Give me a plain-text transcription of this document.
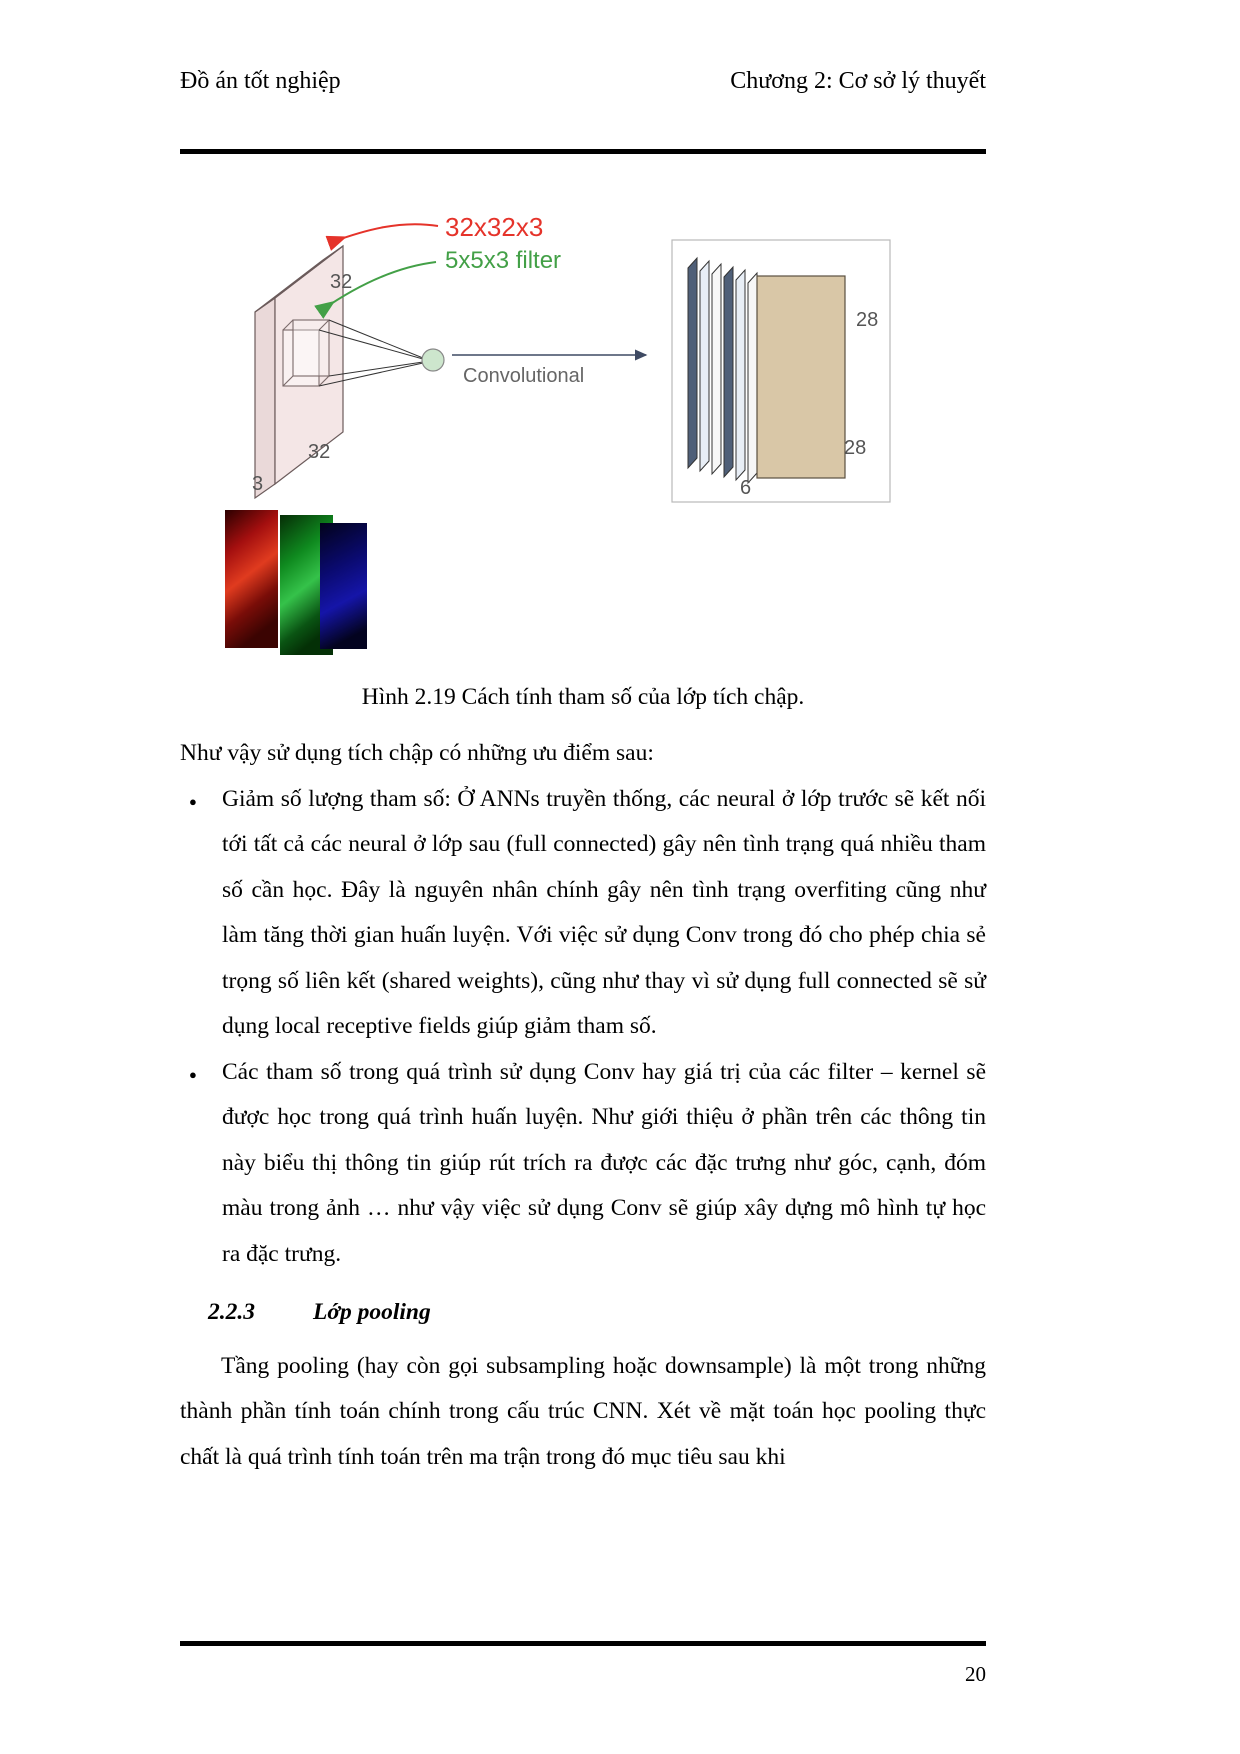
Đồ án tốt nghiệp	Chương 2: Cơ sở lý thuyết
32x32x3
5x5x3 filter
32
32
3
Convolutional
28
28
6
Hình 2.19 Cách tính tham số của lớp tích chập.

Như vậy sử dụng tích chập có những ưu điểm sau:

● Giảm số lượng tham số: Ở ANNs truyền thống, các neural ở lớp trước sẽ kết nối tới tất cả các neural ở lớp sau (full connected) gây nên tình trạng quá nhiều tham số cần học. Đây là nguyên nhân chính gây nên tình trạng overfiting cũng như làm tăng thời gian huấn luyện. Với việc sử dụng Conv trong đó cho phép chia sẻ trọng số liên kết (shared weights), cũng như thay vì sử dụng full connected sẽ sử dụng local receptive fields giúp giảm tham số.

● Các tham số trong quá trình sử dụng Conv hay giá trị của các filter – kernel sẽ được học trong quá trình huấn luyện. Như giới thiệu ở phần trên các thông tin này biểu thị thông tin giúp rút trích ra được các đặc trưng như góc, cạnh, đóm màu trong ảnh … như vậy việc sử dụng Conv sẽ giúp xây dựng mô hình tự học ra đặc trưng.

2.2.3 Lớp pooling

Tầng pooling (hay còn gọi subsampling hoặc downsample) là một trong những thành phần tính toán chính trong cấu trúc CNN. Xét về mặt toán học pooling thực chất là quá trình tính toán trên ma trận trong đó mục tiêu sau khi

20
